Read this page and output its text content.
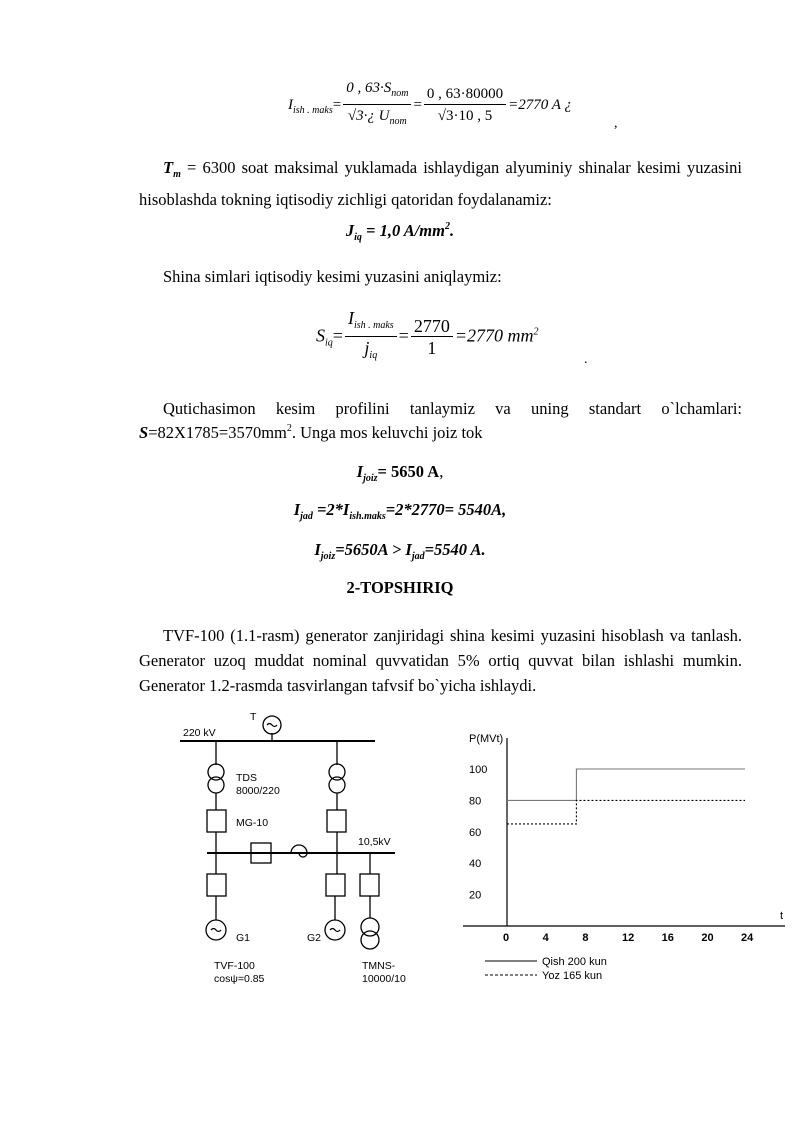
$I_{ish . maks}= \frac{0 , 63\cdot S_{nom}}{√3\cdot¿ U_{nom}} = \frac{0 , 63\cdot 80000}{√3\cdot 10 , 5} =2770$ A ¿
,
$T_m = 6300$ soat maksimal yuklamada ishlaydigan alyuminiy shinalar kesimi yuzasini hisoblashda tokning iqtisodiy zichligi qatoridan foydalanamiz:
$J_{iq} = 1,0$ $A/mm^2$.
Shina simlari iqtisodiy kesimi yuzasini aniqlaymiz:
$S_{iq}= \frac{I_{ish . maks}}{j_{iq}} = \frac{2770}{1} =2770$ $mm^2$
.
Qutichasimon kesim profilini tanlaymiz va uning standart o`lchamlari:
$S=82X1785=3570mm^2$. Unga mos keluvchi joiz tok
$I_{joiz}= 5650$ A,
$I_{jad} =2*I_{ish.maks}=2*2770= 5540A$,
$I_{joiz}=5650A > I_{jad}=5540$ A.
2-TOPSHIRIQ
TVF-100 (1.1-rasm) generator zanjiridagi shina kesimi yuzasini hisoblash va tanlash. Generator uzoq muddat nominal quvvatidan 5% ortiq quvvat bilan ishlashi mumkin. Generator 1.2-rasmda tasvirlangan tafvsif bo`yicha ishlaydi.
220 kV
T
TDS
8000/220
MG-10
10,5kV
G1	G2
TVF-100
cosψ=0.85
TMNS-
10000/10
P(MVt)
t
100
80
60
40
20
0	4	8	12 16 20 24
Qish 200 kun
Yoz 165 kun
